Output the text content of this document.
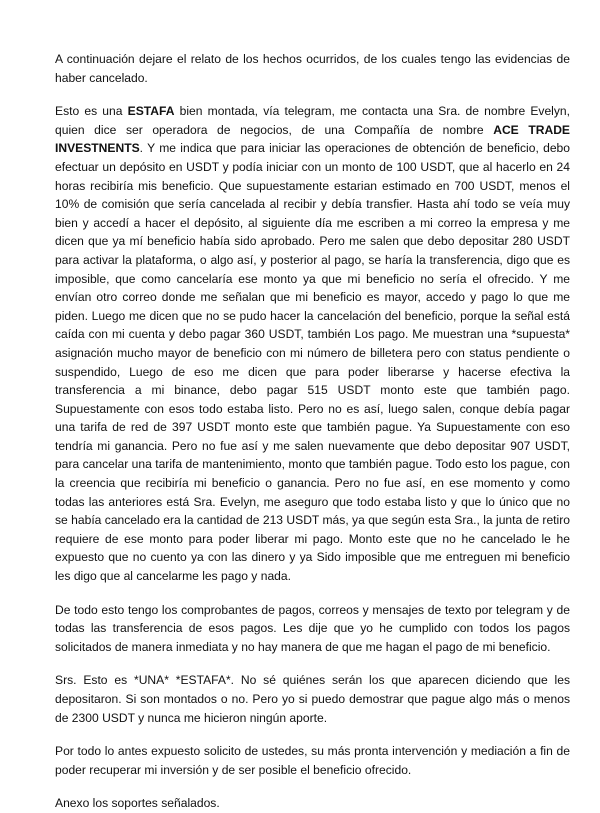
A continuación dejare el relato de los hechos ocurridos, de los cuales tengo las evidencias de haber cancelado.

Esto es una ESTAFA bien montada, vía telegram, me contacta una Sra. de nombre Evelyn, quien dice ser operadora de negocios, de una Compañía de nombre ACE TRADE INVESTNENTS. Y me indica que para iniciar las operaciones de obtención de beneficio, debo efectuar un depósito en USDT y podía iniciar con un monto de 100 USDT, que al hacerlo en 24 horas recibiría mis beneficio. Que supuestamente estarian estimado en 700 USDT, menos el 10% de comisión que sería cancelada al recibir y debía transfier. Hasta ahí todo se veía muy bien y accedí a hacer el depósito, al siguiente día me escriben a mi correo la empresa y me dicen que ya mí beneficio había sido aprobado. Pero me salen que debo depositar 280 USDT para activar la plataforma, o algo así, y posterior al pago, se haría la transferencia, digo que es imposible, que como cancelaría ese monto ya que mi beneficio no sería el ofrecido. Y me envían otro correo donde me señalan que mi beneficio es mayor, accedo y pago lo que me piden. Luego me dicen que no se pudo hacer la cancelación del beneficio, porque la señal está caída con mi cuenta y debo pagar 360 USDT, también Los pago. Me muestran una *supuesta* asignación mucho mayor de beneficio con mi número de billetera pero con status pendiente o suspendido, Luego de eso me dicen que para poder liberarse y hacerse efectiva la transferencia a mi binance, debo pagar 515 USDT monto este que también pago. Supuestamente con esos todo estaba listo. Pero no es así, luego salen, conque debía pagar una tarifa de red de 397 USDT monto este que también pague. Ya Supuestamente con eso tendría mi ganancia. Pero no fue así y me salen nuevamente que debo depositar 907 USDT, para cancelar una tarifa de mantenimiento, monto que también pague. Todo esto los pague, con la creencia que recibiría mi beneficio o ganancia. Pero no fue así, en ese momento y como todas las anteriores está Sra. Evelyn, me aseguro que todo estaba listo y que lo único que no se había cancelado era la cantidad de 213 USDT más, ya que según esta Sra., la junta de retiro requiere de ese monto para poder liberar mi pago. Monto este que no he cancelado le he expuesto que no cuento ya con las dinero y ya Sido imposible que me entreguen mi beneficio les digo que al cancelarme les pago y nada.

De todo esto tengo los comprobantes de pagos, correos y mensajes de texto por telegram y de todas las transferencia de esos pagos. Les dije que yo he cumplido con todos los pagos solicitados de manera inmediata y no hay manera de que me hagan el pago de mi beneficio.

Srs. Esto es *UNA* *ESTAFA*. No sé quiénes serán los que aparecen diciendo que les depositaron. Si son montados o no. Pero yo si puedo demostrar que pague algo más o menos de 2300 USDT y nunca me hicieron ningún aporte.

Por todo lo antes expuesto solicito de ustedes, su más pronta intervención y mediación a fin de poder recuperar mi inversión y de ser posible el beneficio ofrecido.

Anexo los soportes señalados.
